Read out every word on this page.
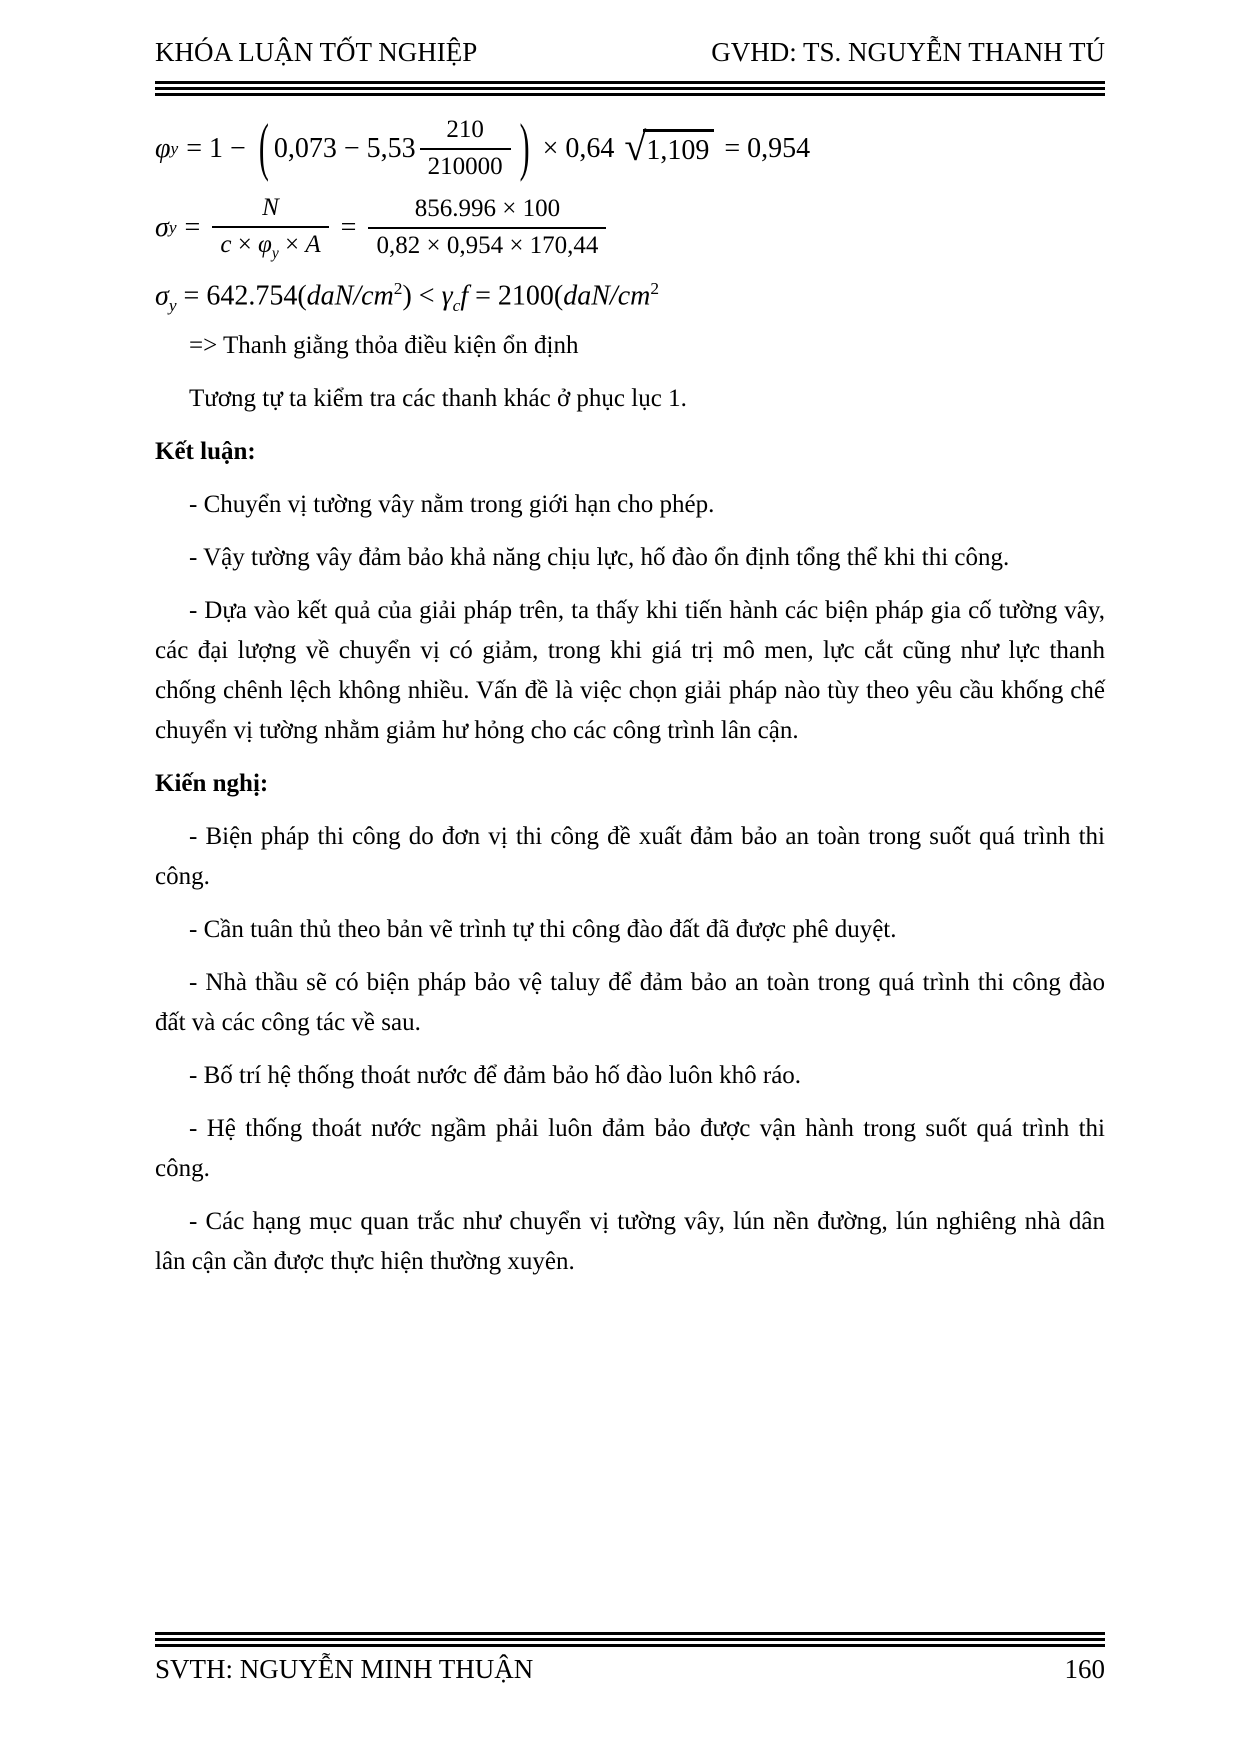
KHÓA LUẬN TỐT NGHIỆP	GVHD: TS. NGUYỄN THANH TÚ
φ y = 1 − ( $0,073 - 5,53 \frac{210}{210000}$ ) × 0,64 √ 1,109 = 0,954
σ $y = \frac{N}{c \times \varphi_y \times A} = \frac{856.996 \times 100}{0,82 \times 0,954 \times 170,44}$
$\sigma_y = 642.754(daN/cm^2) < \gamma_cf = 2100(daN/cm^2$

=> Thanh giằng thỏa điều kiện ổn định

Tương tự ta kiểm tra các thanh khác ở phục lục 1.

Kết luận:

- Chuyển vị tường vây nằm trong giới hạn cho phép.

- Vậy tường vây đảm bảo khả năng chịu lực, hố đào ổn định tổng thể khi thi công.

- Dựa vào kết quả của giải pháp trên, ta thấy khi tiến hành các biện pháp gia cố tường vây, các đại lượng về chuyển vị có giảm, trong khi giá trị mô men, lực cắt cũng như lực thanh chống chênh lệch không nhiều. Vấn đề là việc chọn giải pháp nào tùy theo yêu cầu khống chế chuyển vị tường nhằm giảm hư hỏng cho các công trình lân cận.

Kiến nghị:

- Biện pháp thi công do đơn vị thi công đề xuất đảm bảo an toàn trong suốt quá trình thi công.

- Cần tuân thủ theo bản vẽ trình tự thi công đào đất đã được phê duyệt.

- Nhà thầu sẽ có biện pháp bảo vệ taluy để đảm bảo an toàn trong quá trình thi công đào đất và các công tác về sau.

- Bố trí hệ thống thoát nước để đảm bảo hố đào luôn khô ráo.

- Hệ thống thoát nước ngầm phải luôn đảm bảo được vận hành trong suốt quá trình thi công.

- Các hạng mục quan trắc như chuyển vị tường vây, lún nền đường, lún nghiêng nhà dân lân cận cần được thực hiện thường xuyên.

SVTH: NGUYỄN MINH THUẬN	160
